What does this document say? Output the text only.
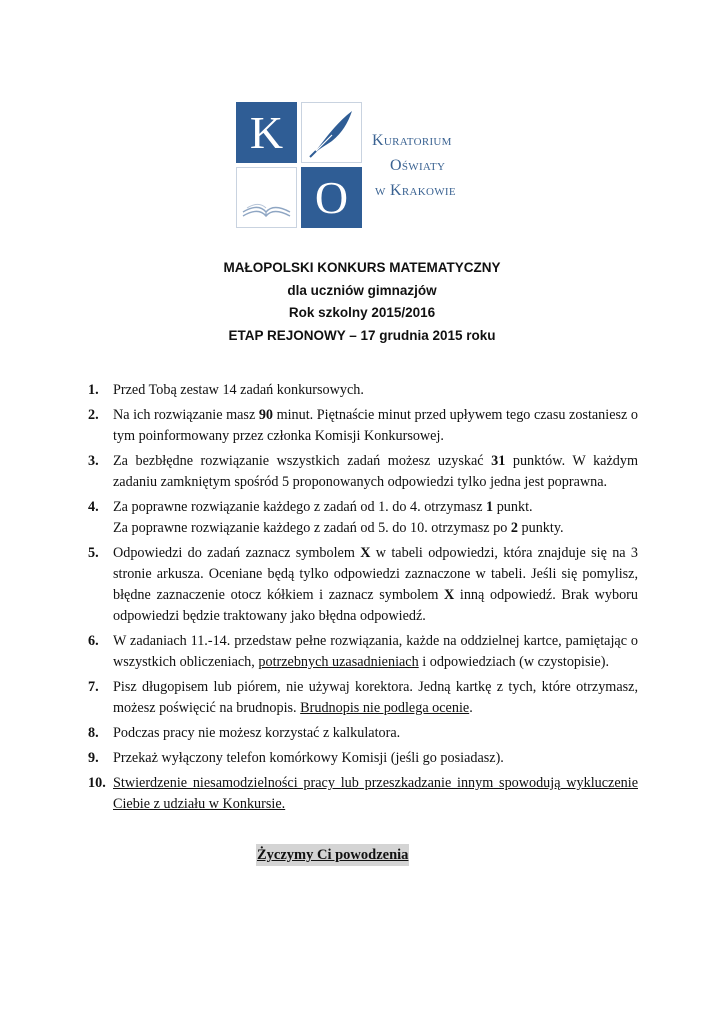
K
O
Kuratorium
Oświaty
w Krakowie
MAŁOPOLSKI KONKURS MATEMATYCZNY
dla uczniów gimnazjów
Rok szkolny 2015/2016
ETAP REJONOWY – 17 grudnia 2015 roku
1. Przed Tobą zestaw 14 zadań konkursowych.
2. Na ich rozwiązanie masz 90 minut. Piętnaście minut przed upływem tego czasu zostaniesz o tym poinformowany przez członka Komisji Konkursowej.
3. Za bezbłędne rozwiązanie wszystkich zadań możesz uzyskać 31 punktów. W każdym zadaniu zamkniętym spośród 5 proponowanych odpowiedzi tylko jedna jest poprawna.
4. Za poprawne rozwiązanie każdego z zadań od 1. do 4. otrzymasz 1 punkt.
Za poprawne rozwiązanie każdego z zadań od 5. do 10. otrzymasz po 2 punkty.
5. Odpowiedzi do zadań zaznacz symbolem X w tabeli odpowiedzi, która znajduje się na 3 stronie arkusza. Oceniane będą tylko odpowiedzi zaznaczone w tabeli. Jeśli się pomylisz, błędne zaznaczenie otocz kółkiem i zaznacz symbolem X inną odpowiedź. Brak wyboru odpowiedzi będzie traktowany jako błędna odpowiedź.
6. W zadaniach 11.-14. przedstaw pełne rozwiązania, każde na oddzielnej kartce, pamiętając o wszystkich obliczeniach, potrzebnych uzasadnieniach i odpowiedziach (w czystopisie).
7. Pisz długopisem lub piórem, nie używaj korektora. Jedną kartkę z tych, które otrzymasz, możesz poświęcić na brudnopis. Brudnopis nie podlega ocenie.
8. Podczas pracy nie możesz korzystać z kalkulatora.
9. Przekaż wyłączony telefon komórkowy Komisji (jeśli go posiadasz).
10. Stwierdzenie niesamodzielności pracy lub przeszkadzanie innym spowodują wykluczenie Ciebie z udziału w Konkursie.
Życzymy Ci powodzenia
